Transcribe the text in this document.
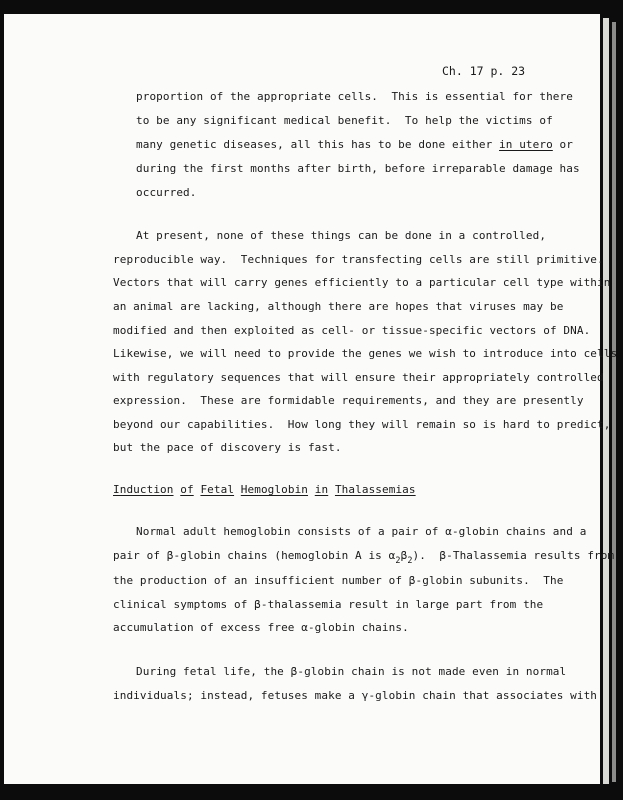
Ch. 17 p. 23
proportion of the appropriate cells.  This is essential for there
to be any significant medical benefit.  To help the victims of
many genetic diseases, all this has to be done either in utero or
during the first months after birth, before irreparable damage has
occurred.
At present, none of these things can be done in a controlled,
reproducible way.  Techniques for transfecting cells are still primitive.
Vectors that will carry genes efficiently to a particular cell type within
an animal are lacking, although there are hopes that viruses may be
modified and then exploited as cell- or tissue-specific vectors of DNA.
Likewise, we will need to provide the genes we wish to introduce into cells
with regulatory sequences that will ensure their appropriately controlled
expression.  These are formidable requirements, and they are presently
beyond our capabilities.  How long they will remain so is hard to predict,
but the pace of discovery is fast.
Induction of Fetal Hemoglobin in Thalassemias
Normal adult hemoglobin consists of a pair of α-globin chains and a
pair of β-globin chains (hemoglobin A is $\alpha_2\beta_2$).  β-Thalassemia results from
the production of an insufficient number of β-globin subunits.  The
clinical symptoms of β-thalassemia result in large part from the
accumulation of excess free α-globin chains.
During fetal life, the β-globin chain is not made even in normal
individuals; instead, fetuses make a γ-globin chain that associates with
